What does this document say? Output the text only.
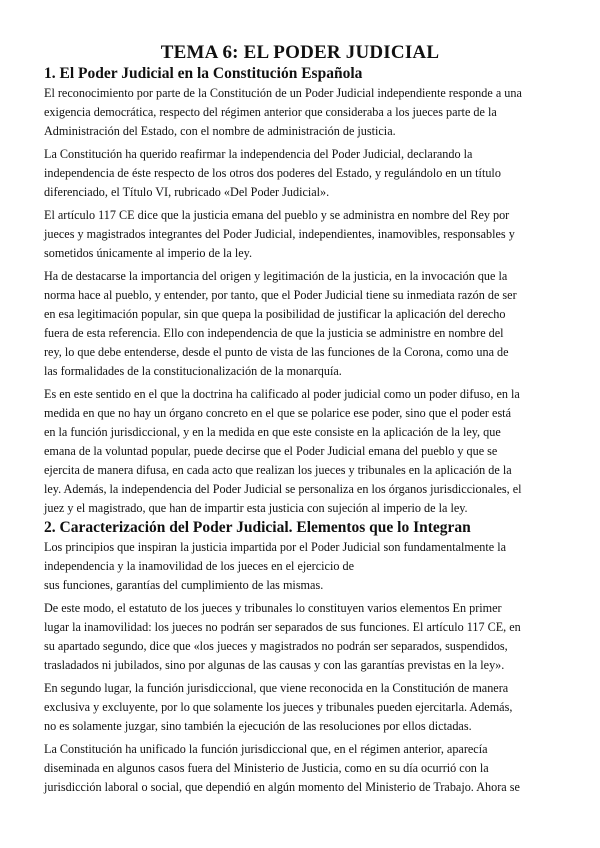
TEMA 6: EL PODER JUDICIAL
1. El Poder Judicial en la Constitución Española

El reconocimiento por parte de la Constitución de un Poder Judicial independiente responde a una
exigencia democrática, respecto del régimen anterior que consideraba a los jueces parte de la
Administración del Estado, con el nombre de administración de justicia.

La Constitución ha querido reafirmar la independencia del Poder Judicial, declarando la
independencia de éste respecto de los otros dos poderes del Estado, y regulándolo en un título
diferenciado, el Título VI, rubricado «Del Poder Judicial».

El artículo 117 CE dice que la justicia emana del pueblo y se administra en nombre del Rey por
jueces y magistrados integrantes del Poder Judicial, independientes, inamovibles, responsables y
sometidos únicamente al imperio de la ley.

Ha de destacarse la importancia del origen y legitimación de la justicia, en la invocación que la
norma hace al pueblo, y entender, por tanto, que el Poder Judicial tiene su inmediata razón de ser
en esa legitimación popular, sin que quepa la posibilidad de justificar la aplicación del derecho
fuera de esta referencia. Ello con independencia de que la justicia se administre en nombre del
rey, lo que debe entenderse, desde el punto de vista de las funciones de la Corona, como una de
las formalidades de la constitucionalización de la monarquía.

Es en este sentido en el que la doctrina ha calificado al poder judicial como un poder difuso, en la
medida en que no hay un órgano concreto en el que se polarice ese poder, sino que el poder está
en la función jurisdiccional, y en la medida en que este consiste en la aplicación de la ley, que
emana de la voluntad popular, puede decirse que el Poder Judicial emana del pueblo y que se
ejercita de manera difusa, en cada acto que realizan los jueces y tribunales en la aplicación de la
ley. Además, la independencia del Poder Judicial se personaliza en los órganos jurisdiccionales, el
juez y el magistrado, que han de impartir esta justicia con sujeción al imperio de la ley.

2. Caracterización del Poder Judicial. Elementos que lo Integran

Los principios que inspiran la justicia impartida por el Poder Judicial son fundamentalmente la
independencia y la inamovilidad de los jueces en el ejercicio de
sus funciones, garantías del cumplimiento de las mismas.

De este modo, el estatuto de los jueces y tribunales lo constituyen varios elementos En primer
lugar la inamovilidad: los jueces no podrán ser separados de sus funciones. El artículo 117 CE, en
su apartado segundo, dice que «los jueces y magistrados no podrán ser separados, suspendidos,
trasladados ni jubilados, sino por algunas de las causas y con las garantías previstas en la ley».

En segundo lugar, la función jurisdiccional, que viene reconocida en la Constitución de manera
exclusiva y excluyente, por lo que solamente los jueces y tribunales pueden ejercitarla. Además,
no es solamente juzgar, sino también la ejecución de las resoluciones por ellos dictadas.

La Constitución ha unificado la función jurisdiccional que, en el régimen anterior, aparecía
diseminada en algunos casos fuera del Ministerio de Justicia, como en su día ocurrió con la
jurisdicción laboral o social, que dependió en algún momento del Ministerio de Trabajo. Ahora se
